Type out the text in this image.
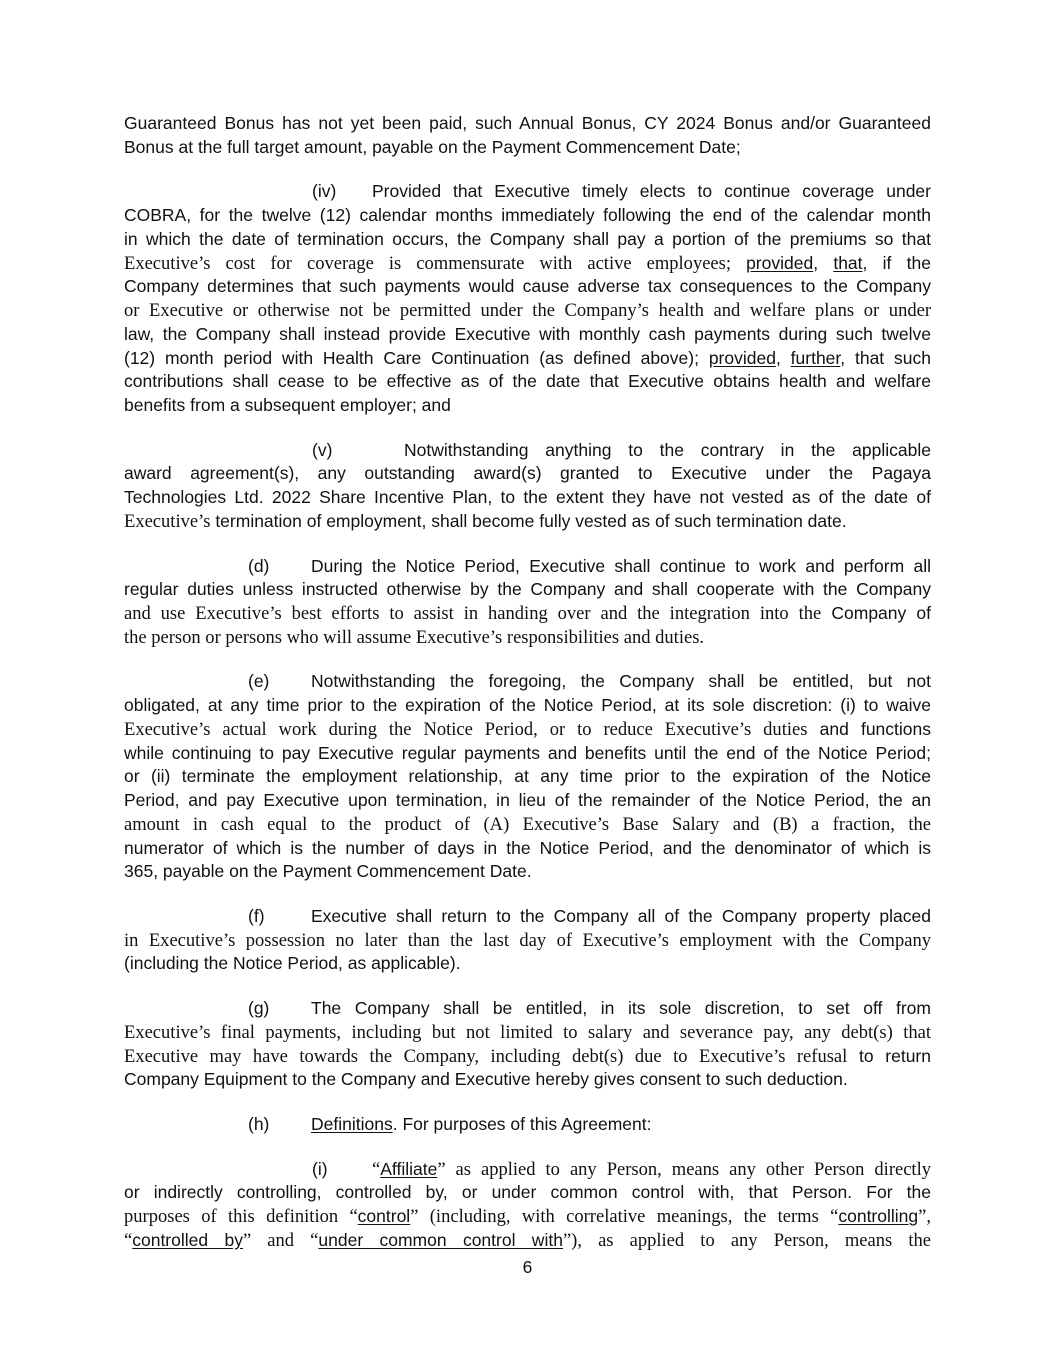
Guaranteed Bonus has not yet been paid, such Annual Bonus, CY 2024 Bonus and/or Guaranteed
Bonus at the full target amount, payable on the Payment Commencement Date;
(iv) Provided that Executive timely elects to continue coverage under
COBRA, for the twelve (12) calendar months immediately following the end of the calendar month
in which the date of termination occurs, the Company shall pay a portion of the premiums so that
Executive’s cost for coverage is commensurate with active employees; provided, that, if the
Company determines that such payments would cause adverse tax consequences to the Company
or Executive or otherwise not be permitted under the Company’s health and welfare plans or under
law, the Company shall instead provide Executive with monthly cash payments during such twelve
(12) month period with Health Care Continuation (as defined above); provided, further, that such
contributions shall cease to be effective as of the date that Executive obtains health and welfare
benefits from a subsequent employer; and
(v)	Notwithstanding anything to the contrary in the applicable
award agreement(s), any outstanding award(s) granted to Executive under the Pagaya
Technologies Ltd. 2022 Share Incentive Plan, to the extent they have not vested as of the date of
Executive’s termination of employment, shall become fully vested as of such termination date.
(d) During the Notice Period, Executive shall continue to work and perform all
regular duties unless instructed otherwise by the Company and shall cooperate with the Company
and use Executive’s best efforts to assist in handing over and the integration into the Company of
the person or persons who will assume Executive’s responsibilities and duties.
(e) Notwithstanding the foregoing, the Company shall be entitled, but not
obligated, at any time prior to the expiration of the Notice Period, at its sole discretion: (i) to waive
Executive’s actual work during the Notice Period, or to reduce Executive’s duties and functions
while continuing to pay Executive regular payments and benefits until the end of the Notice Period;
or (ii) terminate the employment relationship, at any time prior to the expiration of the Notice
Period, and pay Executive upon termination, in lieu of the remainder of the Notice Period, the an
amount in cash equal to the product of (A) Executive’s Base Salary and (B) a fraction, the
numerator of which is the number of days in the Notice Period, and the denominator of which is
365, payable on the Payment Commencement Date.
(f)	Executive shall return to the Company all of the Company property placed
in Executive’s possession no later than the last day of Executive’s employment with the Company
(including the Notice Period, as applicable).
(g) The Company shall be entitled, in its sole discretion, to set off from
Executive’s final payments, including but not limited to salary and severance pay, any debt(s) that
Executive may have towards the Company, including debt(s) due to Executive’s refusal to return
Company Equipment to the Company and Executive hereby gives consent to such deduction.
(h) Definitions. For purposes of this Agreement:
(i) “Affiliate” as applied to any Person, means any other Person directly
or indirectly controlling, controlled by, or under common control with, that Person. For the
purposes of this definition “control” (including, with correlative meanings, the terms “controlling”,
“controlled by” and “under common control with”), as applied to any Person, means the
6
